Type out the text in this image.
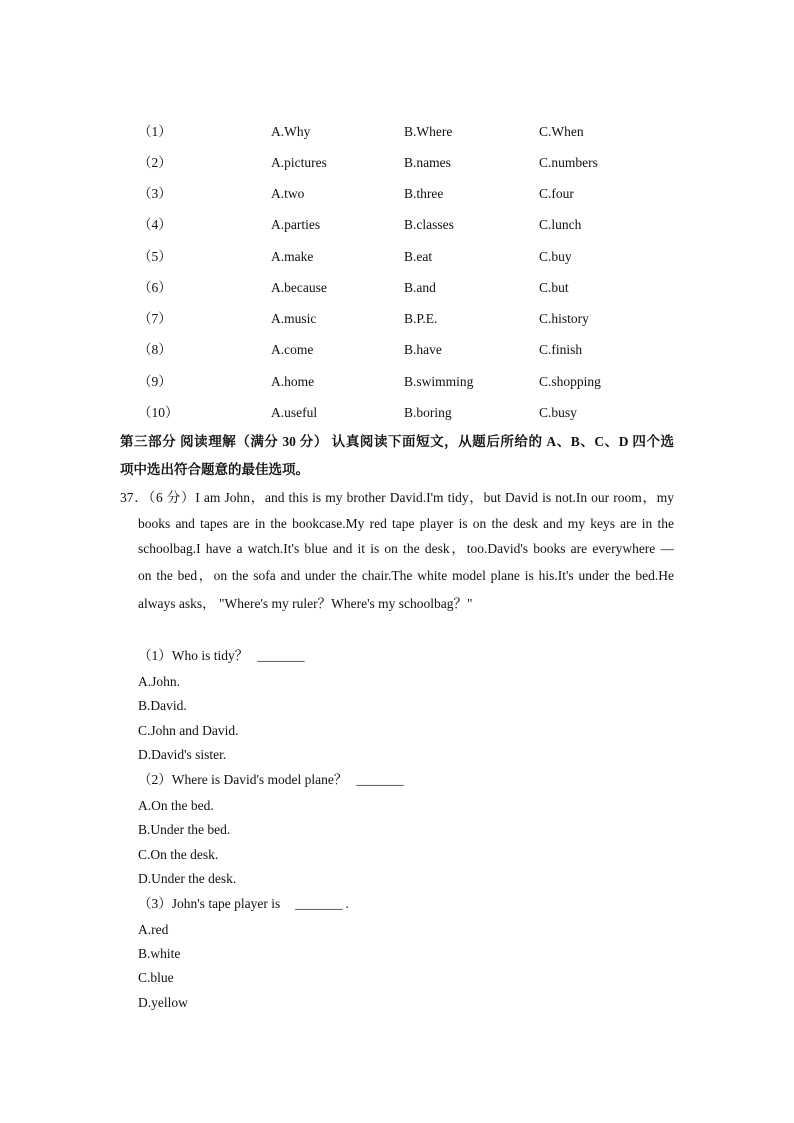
（1）	A.Why	B.Where	C.When
（2）	A.pictures	B.names	C.numbers
（3）	A.two	B.three	C.four
（4）	A.parties	B.classes	C.lunch
（5）	A.make	B.eat	C.buy
（6）	A.because	B.and	C.but
（7）	A.music	B.P.E.	C.history
（8）	A.come	B.have	C.finish
（9）	A.home	B.swimming	C.shopping
（10）	A.useful	B.boring	C.busy
第三部分 阅读理解（满分 30 分） 认真阅读下面短文，从题后所给的 A、B、C、D 四个选
项中选出符合题意的最佳选项。
37．（6 分）I am John，and this is my brother David.I'm tidy，but David is not.In our room，my
books and tapes are in the bookcase.My red tape player is on the desk and my keys are in the
schoolbag.I have a watch.It's blue and it is on the desk，too.David's books are everywhere —
on the bed，on the sofa and under the chair.The white model plane is his.It's under the bed.He
always asks， "Where's my ruler？Where's my schoolbag？"
（1）Who is tidy？ _______
A.John.
B.David.
C.John and David.
D.David's sister.
（2）Where is David's model plane？ _______
A.On the bed.
B.Under the bed.
C.On the desk.
D.Under the desk.
（3）John's tape player is _______ .
A.red
B.white
C.blue
D.yellow
